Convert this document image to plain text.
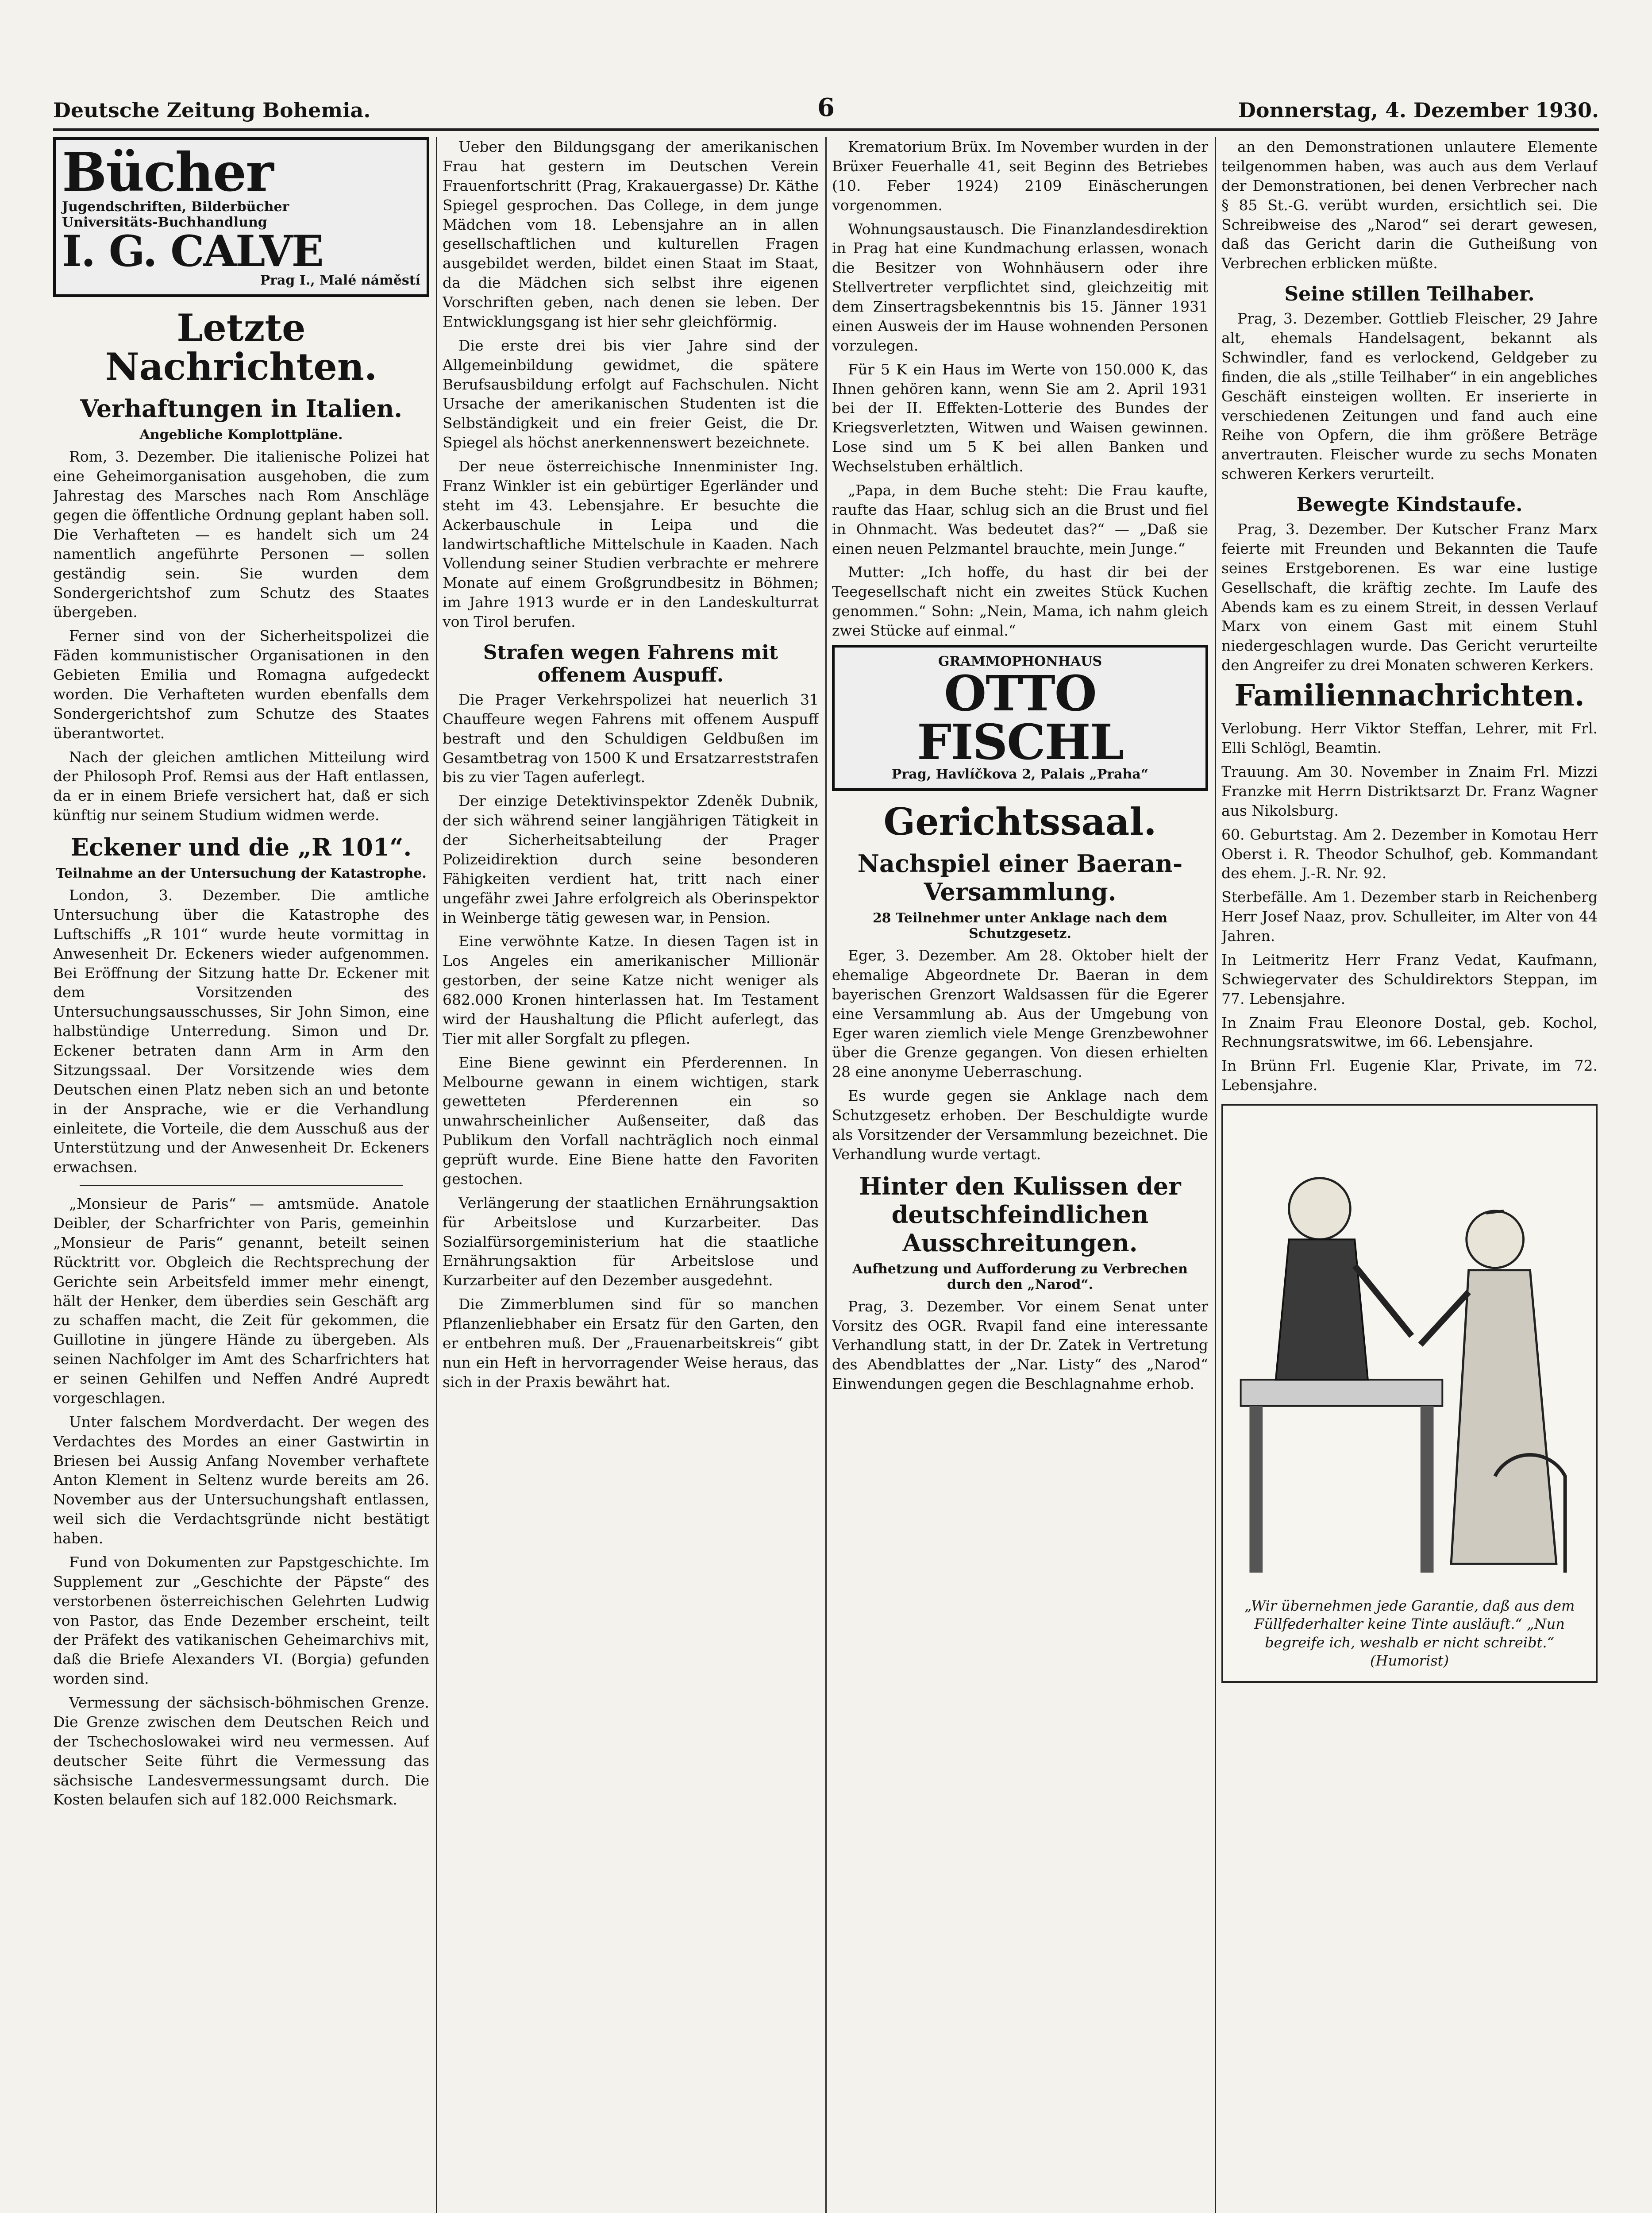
Deutsche Zeitung Bohemia.	6	Donnerstag, 4. Dezember 1930.
Bücher
Jugendschriften, Bilderbücher
Universitäts-Buchhandlung
I. G. CALVE
Prag I., Malé náměstí
Letzte Nachrichten.
Verhaftungen in Italien.
Angebliche Komplottpläne.

Rom, 3. Dezember. Die italienische Polizei hat eine Geheimorganisation ausgehoben, die zum Jahrestag des Marsches nach Rom Anschläge gegen die öffentliche Ordnung geplant haben soll. Die Verhafteten — es handelt sich um 24 namentlich angeführte Personen — sollen geständig sein. Sie wurden dem Sondergerichtshof zum Schutz des Staates übergeben.

Ferner sind von der Sicherheitspolizei die Fäden kommunistischer Organisationen in den Gebieten Emilia und Romagna aufgedeckt worden. Die Verhafteten wurden ebenfalls dem Sondergerichtshof zum Schutze des Staates überantwortet.

Nach der gleichen amtlichen Mitteilung wird der Philosoph Prof. Remsi aus der Haft entlassen, da er in einem Briefe versichert hat, daß er sich künftig nur seinem Studium widmen werde.

Eckener und die „R 101“.
Teilnahme an der Untersuchung der Katastrophe.

London, 3. Dezember. Die amtliche Untersuchung über die Katastrophe des Luftschiffs „R 101“ wurde heute vormittag in Anwesenheit Dr. Eckeners wieder aufgenommen. Bei Eröffnung der Sitzung hatte Dr. Eckener mit dem Vorsitzenden des Untersuchungsausschusses, Sir John Simon, eine halbstündige Unterredung. Simon und Dr. Eckener betraten dann Arm in Arm den Sitzungssaal. Der Vorsitzende wies dem Deutschen einen Platz neben sich an und betonte in der Ansprache, wie er die Verhandlung einleitete, die Vorteile, die dem Ausschuß aus der Unterstützung und der Anwesenheit Dr. Eckeners erwachsen.

„Monsieur de Paris“ — amtsmüde. Anatole Deibler, der Scharfrichter von Paris, gemeinhin „Monsieur de Paris“ genannt, beteilt seinen Rücktritt vor. Obgleich die Rechtsprechung der Gerichte sein Arbeitsfeld immer mehr einengt, hält der Henker, dem überdies sein Geschäft arg zu schaffen macht, die Zeit für gekommen, die Guillotine in jüngere Hände zu übergeben. Als seinen Nachfolger im Amt des Scharfrichters hat er seinen Gehilfen und Neffen André Aupredt vorgeschlagen.

Unter falschem Mordverdacht. Der wegen des Verdachtes des Mordes an einer Gastwirtin in Briesen bei Aussig Anfang November verhaftete Anton Klement in Seltenz wurde bereits am 26. November aus der Untersuchungshaft entlassen, weil sich die Verdachtsgründe nicht bestätigt haben.

Fund von Dokumenten zur Papstgeschichte. Im Supplement zur „Geschichte der Päpste“ des verstorbenen österreichischen Gelehrten Ludwig von Pastor, das Ende Dezember erscheint, teilt der Präfekt des vatikanischen Geheimarchivs mit, daß die Briefe Alexanders VI. (Borgia) gefunden worden sind.

Vermessung der sächsisch-böhmischen Grenze. Die Grenze zwischen dem Deutschen Reich und der Tschechoslowakei wird neu vermessen. Auf deutscher Seite führt die Vermessung das sächsische Landesvermessungsamt durch. Die Kosten belaufen sich auf 182.000 Reichsmark.

Ueber den Bildungsgang der amerikanischen Frau hat gestern im Deutschen Verein Frauenfortschritt (Prag, Krakauergasse) Dr. Käthe Spiegel gesprochen. Das College, in dem junge Mädchen vom 18. Lebensjahre an in allen gesellschaftlichen und kulturellen Fragen ausgebildet werden, bildet einen Staat im Staat, da die Mädchen sich selbst ihre eigenen Vorschriften geben, nach denen sie leben. Der Entwicklungsgang ist hier sehr gleichförmig.

Die erste drei bis vier Jahre sind der Allgemeinbildung gewidmet, die spätere Berufsausbildung erfolgt auf Fachschulen. Nicht Ursache der amerikanischen Studenten ist die Selbständigkeit und ein freier Geist, die Dr. Spiegel als höchst anerkennenswert bezeichnete.

Der neue österreichische Innenminister Ing. Franz Winkler ist ein gebürtiger Egerländer und steht im 43. Lebensjahre. Er besuchte die Ackerbauschule in Leipa und die landwirtschaftliche Mittelschule in Kaaden. Nach Vollendung seiner Studien verbrachte er mehrere Monate auf einem Großgrundbesitz in Böhmen; im Jahre 1913 wurde er in den Landeskulturrat von Tirol berufen.

Strafen wegen Fahrens mit offenem Auspuff.

Die Prager Verkehrspolizei hat neuerlich 31 Chauffeure wegen Fahrens mit offenem Auspuff bestraft und den Schuldigen Geldbußen im Gesamtbetrag von 1500 K und Ersatzarreststrafen bis zu vier Tagen auferlegt.

Der einzige Detektivinspektor Zdeněk Dubnik, der sich während seiner langjährigen Tätigkeit in der Sicherheitsabteilung der Prager Polizeidirektion durch seine besonderen Fähigkeiten verdient hat, tritt nach einer ungefähr zwei Jahre erfolgreich als Oberinspektor in Weinberge tätig gewesen war, in Pension.

Eine verwöhnte Katze. In diesen Tagen ist in Los Angeles ein amerikanischer Millionär gestorben, der seine Katze nicht weniger als 682.000 Kronen hinterlassen hat. Im Testament wird der Haushaltung die Pflicht auferlegt, das Tier mit aller Sorgfalt zu pflegen.

Eine Biene gewinnt ein Pferderennen. In Melbourne gewann in einem wichtigen, stark gewetteten Pferderennen ein so unwahrscheinlicher Außenseiter, daß das Publikum den Vorfall nachträglich noch einmal geprüft wurde. Eine Biene hatte den Favoriten gestochen.

Verlängerung der staatlichen Ernährungsaktion für Arbeitslose und Kurzarbeiter. Das Sozialfürsorgeministerium hat die staatliche Ernährungsaktion für Arbeitslose und Kurzarbeiter auf den Dezember ausgedehnt.

Die Zimmerblumen sind für so manchen Pflanzenliebhaber ein Ersatz für den Garten, den er entbehren muß. Der „Frauenarbeitskreis“ gibt nun ein Heft in hervorragender Weise heraus, das sich in der Praxis bewährt hat.

Krematorium Brüx. Im November wurden in der Brüxer Feuerhalle 41, seit Beginn des Betriebes (10. Feber 1924) 2109 Einäscherungen vorgenommen.

Wohnungsaustausch. Die Finanzlandesdirektion in Prag hat eine Kundmachung erlassen, wonach die Besitzer von Wohnhäusern oder ihre Stellvertreter verpflichtet sind, gleichzeitig mit dem Zinsertragsbekenntnis bis 15. Jänner 1931 einen Ausweis der im Hause wohnenden Personen vorzulegen.

Für 5 K ein Haus im Werte von 150.000 K, das Ihnen gehören kann, wenn Sie am 2. April 1931 bei der II. Effekten-Lotterie des Bundes der Kriegsverletzten, Witwen und Waisen gewinnen. Lose sind um 5 K bei allen Banken und Wechselstuben erhältlich.

„Papa, in dem Buche steht: Die Frau kaufte, raufte das Haar, schlug sich an die Brust und fiel in Ohnmacht. Was bedeutet das?“ — „Daß sie einen neuen Pelzmantel brauchte, mein Junge.“

Mutter: „Ich hoffe, du hast dir bei der Teegesellschaft nicht ein zweites Stück Kuchen genommen.“ Sohn: „Nein, Mama, ich nahm gleich zwei Stücke auf einmal.“

GRAMMOPHONHAUS
OTTO FISCHL
Prag, Havlíčkova 2, Palais „Praha“
Gerichtssaal.
Nachspiel einer Baeran-Versammlung.
28 Teilnehmer unter Anklage nach dem Schutzgesetz.

Eger, 3. Dezember. Am 28. Oktober hielt der ehemalige Abgeordnete Dr. Baeran in dem bayerischen Grenzort Waldsassen für die Egerer eine Versammlung ab. Aus der Umgebung von Eger waren ziemlich viele Menge Grenzbewohner über die Grenze gegangen. Von diesen erhielten 28 eine anonyme Ueberraschung.

Es wurde gegen sie Anklage nach dem Schutzgesetz erhoben. Der Beschuldigte wurde als Vorsitzender der Versammlung bezeichnet. Die Verhandlung wurde vertagt.

Hinter den Kulissen der deutschfeindlichen Ausschreitungen.
Aufhetzung und Aufforderung zu Verbrechen durch den „Narod“.

Prag, 3. Dezember. Vor einem Senat unter Vorsitz des OGR. Rvapil fand eine interessante Verhandlung statt, in der Dr. Zatek in Vertretung des Abendblattes der „Nar. Listy“ des „Narod“ Einwendungen gegen die Beschlagnahme erhob.

an den Demonstrationen unlautere Elemente teilgenommen haben, was auch aus dem Verlauf der Demonstrationen, bei denen Verbrecher nach § 85 St.-G. verübt wurden, ersichtlich sei. Die Schreibweise des „Narod“ sei derart gewesen, daß das Gericht darin die Gutheißung von Verbrechen erblicken müßte.

Seine stillen Teilhaber.

Prag, 3. Dezember. Gottlieb Fleischer, 29 Jahre alt, ehemals Handelsagent, bekannt als Schwindler, fand es verlockend, Geldgeber zu finden, die als „stille Teilhaber“ in ein angebliches Geschäft einsteigen wollten. Er inserierte in verschiedenen Zeitungen und fand auch eine Reihe von Opfern, die ihm größere Beträge anvertrauten. Fleischer wurde zu sechs Monaten schweren Kerkers verurteilt.

Bewegte Kindstaufe.

Prag, 3. Dezember. Der Kutscher Franz Marx feierte mit Freunden und Bekannten die Taufe seines Erstgeborenen. Es war eine lustige Gesellschaft, die kräftig zechte. Im Laufe des Abends kam es zu einem Streit, in dessen Verlauf Marx von einem Gast mit einem Stuhl niedergeschlagen wurde. Das Gericht verurteilte den Angreifer zu drei Monaten schweren Kerkers.

Familiennachrichten.

Verlobung. Herr Viktor Steffan, Lehrer, mit Frl. Elli Schlögl, Beamtin.

Trauung. Am 30. November in Znaim Frl. Mizzi Franzke mit Herrn Distriktsarzt Dr. Franz Wagner aus Nikolsburg.

60. Geburtstag. Am 2. Dezember in Komotau Herr Oberst i. R. Theodor Schulhof, geb. Kommandant des ehem. J.-R. Nr. 92.

Sterbefälle. Am 1. Dezember starb in Reichenberg Herr Josef Naaz, prov. Schulleiter, im Alter von 44 Jahren.

In Leitmeritz Herr Franz Vedat, Kaufmann, Schwiegervater des Schuldirektors Steppan, im 77. Lebensjahre.

In Znaim Frau Eleonore Dostal, geb. Kochol, Rechnungsratswitwe, im 66. Lebensjahre.

In Brünn Frl. Eugenie Klar, Private, im 72. Lebensjahre.

„Wir übernehmen jede Garantie, daß aus dem Füllfederhalter keine Tinte ausläuft.“ „Nun begreife ich, weshalb er nicht schreibt.“ (Humorist)
